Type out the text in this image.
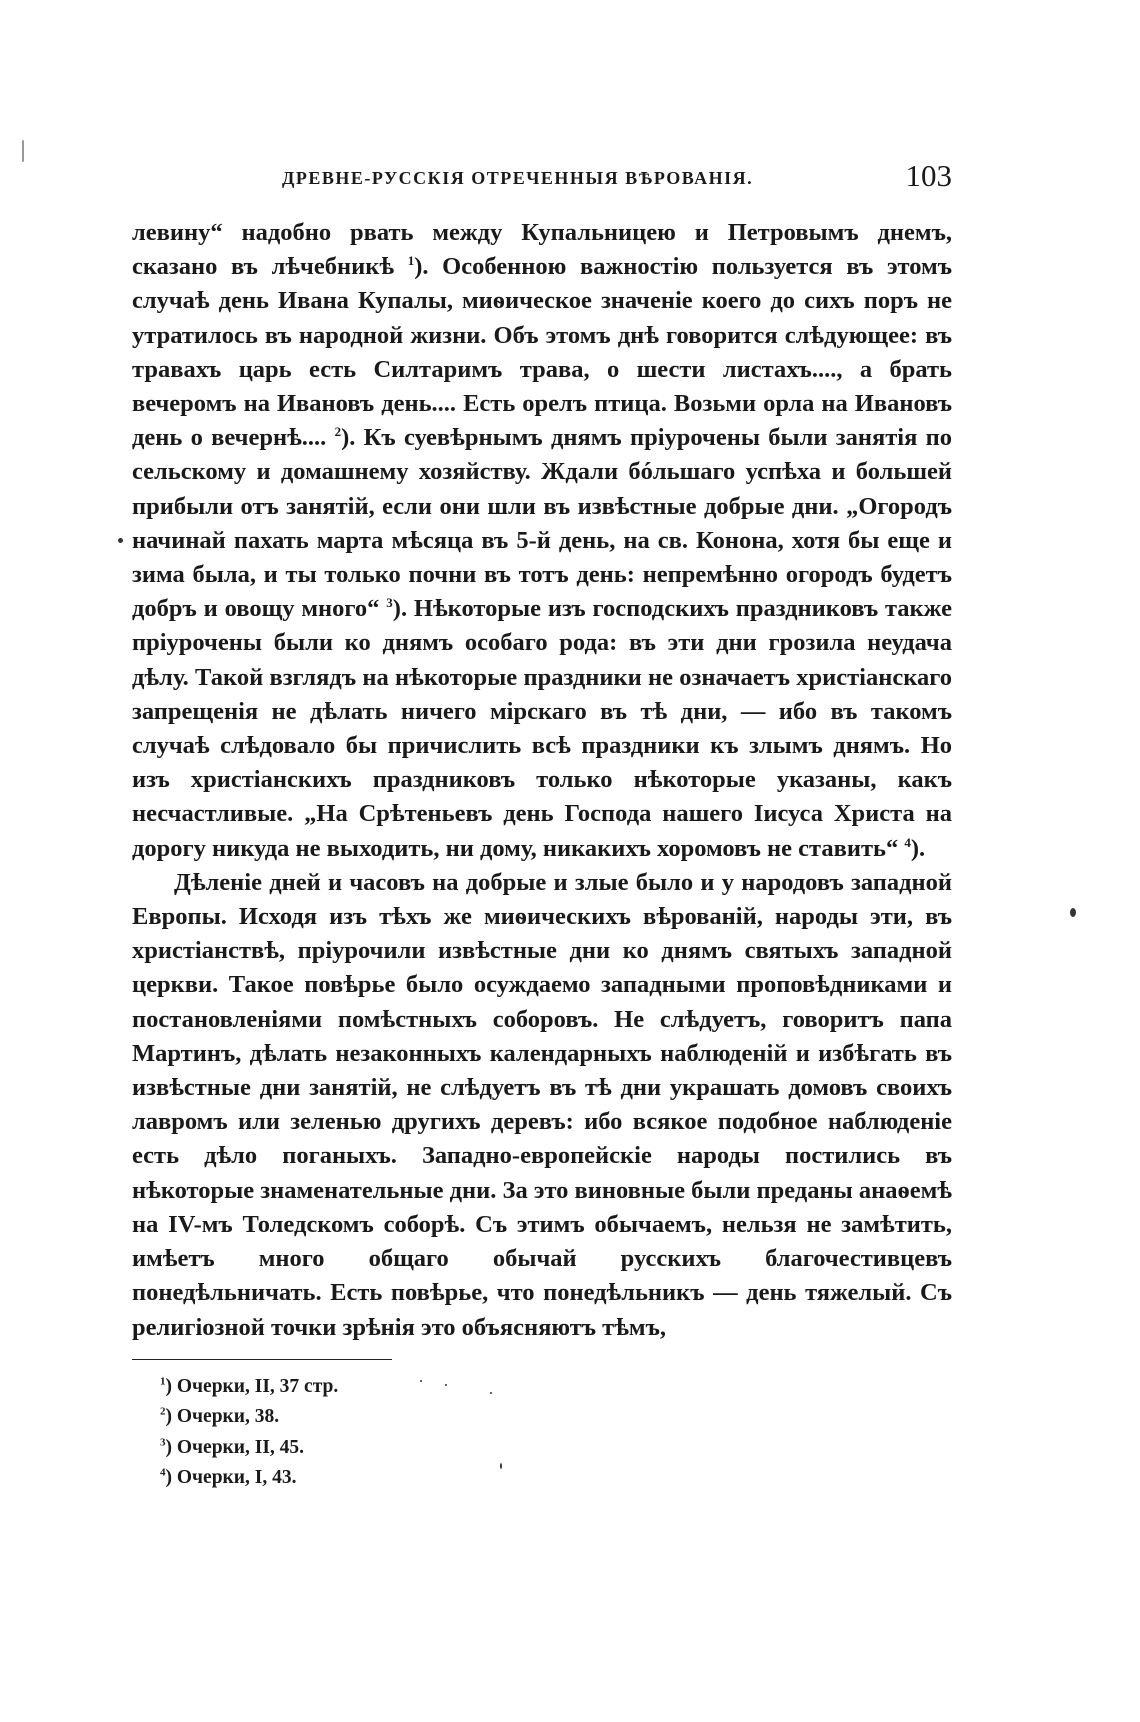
ДРЕВНЕ-РУССКІЯ ОТРЕЧЕННЫЯ ВѢРОВАНІЯ.	103

левину“ надобно рвать между Купальницею и Петровымъ днемъ, сказано въ лѣчебникѣ $^1$). Особенною важностію пользуется въ этомъ случаѣ день Ивана Купалы, миѳическое значеніе коего до сихъ поръ не утратилось въ народной жизни. Объ этомъ днѣ говорится слѣдующее: въ травахъ царь есть Силтаримъ трава, о шести листахъ...., а брать вечеромъ на Ивановъ день.... Есть орелъ птица. Возьми орла на Ивановъ день о вечернѣ.... $^2$). Къ суевѣрнымъ днямъ пріурочены были занятія по сельскому и домашнему хозяйству. Ждали бóльшаго успѣха и большей прибыли отъ занятій, если они шли въ извѣстные добрые дни. „Огородъ начинай пахать марта мѣсяца въ 5-й день, на св. Конона, хотя бы еще и зима была, и ты только почни въ тотъ день: непремѣнно огородъ будетъ добръ и овощу много“ $^3$). Нѣкоторые изъ господскихъ праздниковъ также пріурочены были ко днямъ особаго рода: въ эти дни грозила неудача дѣлу. Такой взглядъ на нѣкоторые праздники не означаетъ христіанскаго запрещенія не дѣлать ничего мірскаго въ тѣ дни, — ибо въ такомъ случаѣ слѣдовало бы причислить всѣ праздники къ злымъ днямъ. Но изъ христіанскихъ праздниковъ только нѣкоторые указаны, какъ несчастливые. „На Срѣтеньевъ день Господа нашего Іисуса Христа на дорогу никуда не выходить, ни дому, никакихъ хоромовъ не ставить“ $^4$).

Дѣленіе дней и часовъ на добрые и злые было и у народовъ западной Европы. Исходя изъ тѣхъ же миѳическихъ вѣрованій, народы эти, въ христіанствѣ, пріурочили извѣстные дни ко днямъ святыхъ западной церкви. Такое повѣрье было осуждаемо западными проповѣдниками и постановленіями помѣстныхъ соборовъ. Не слѣдуетъ, говоритъ папа Мартинъ, дѣлать незаконныхъ календарныхъ наблюденій и избѣгать въ извѣстные дни занятій, не слѣдуетъ въ тѣ дни украшать домовъ своихъ лавромъ или зеленью другихъ деревъ: ибо всякое подобное наблюденіе есть дѣло поганыхъ. Западно-европейскіе народы постились въ нѣкоторые знаменательные дни. За это виновные были преданы анаѳемѣ на IV-мъ Толедскомъ соборѣ. Съ этимъ обычаемъ, нельзя не замѣтить, имѣетъ много общаго обычай русскихъ благочестивцевъ понедѣльничать. Есть повѣрье, что понедѣльникъ — день тяжелый. Съ религіозной точки зрѣнія это объясняютъ тѣмъ,

$^1$) Очерки, II, 37 стр.
$^2$) Очерки, 38.
$^3$) Очерки, II, 45.
$^4$) Очерки, I, 43.
